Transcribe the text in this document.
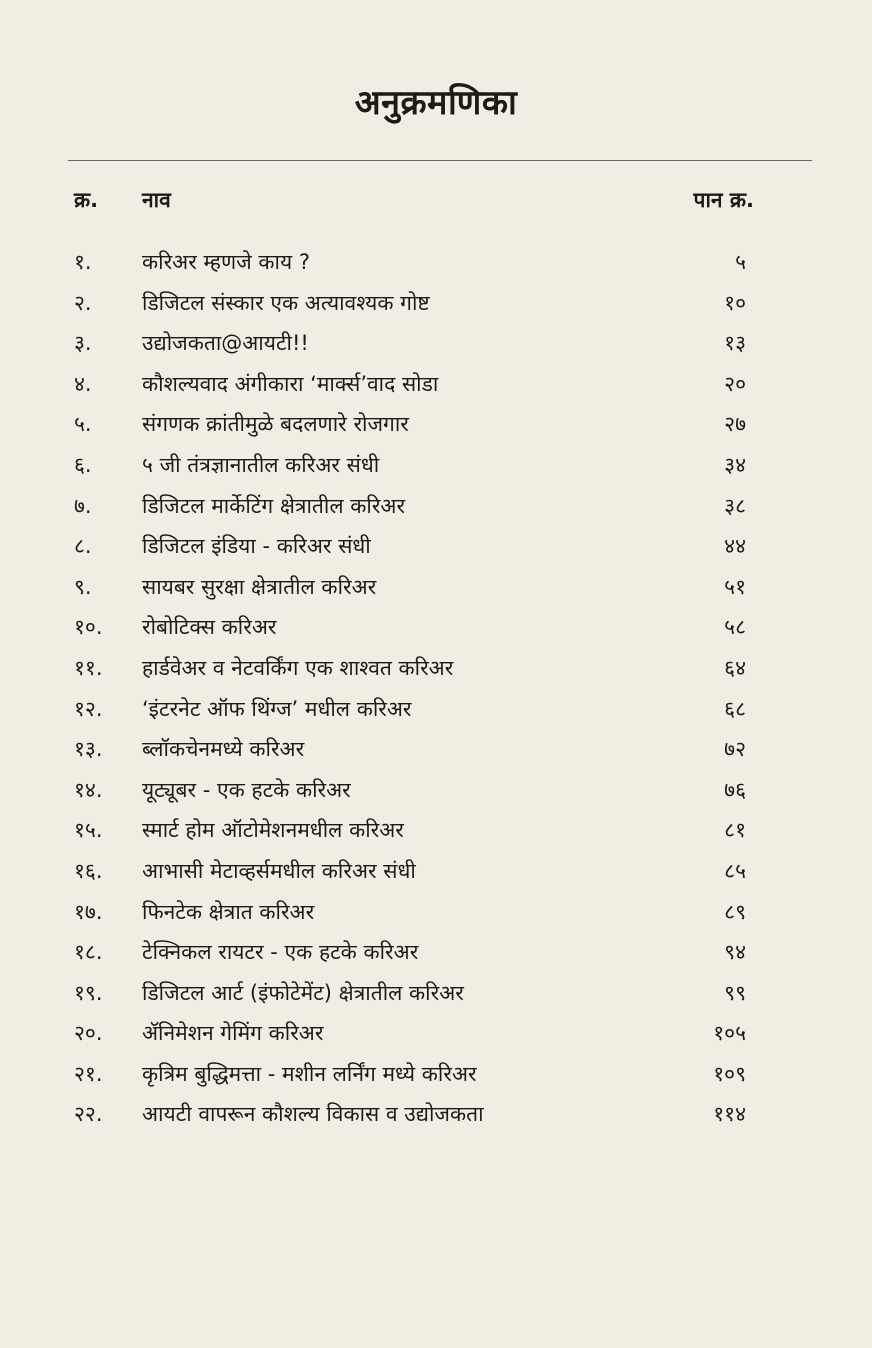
अनुक्रमणिका
क्र. नाव	पान क्र.
१. करिअर म्हणजे काय ?	५
२. डिजिटल संस्कार एक अत्यावश्यक गोष्ट	१०
३. उद्योजकता@आयटी!!	१३
४. कौशल्यवाद अंगीकारा ‘मार्क्स’वाद सोडा	२०
५. संगणक क्रांतीमुळे बदलणारे रोजगार	२७
६. ५ जी तंत्रज्ञानातील करिअर संधी	३४
७. डिजिटल मार्केटिंग क्षेत्रातील करिअर	३८
८. डिजिटल इंडिया - करिअर संधी	४४
९. सायबर सुरक्षा क्षेत्रातील करिअर	५१
१०. रोबोटिक्स करिअर	५८
११. हार्डवेअर व नेटवर्किंग एक शाश्वत करिअर	६४
१२. ‘इंटरनेट ऑफ थिंग्ज’ मधील करिअर	६८
१३. ब्लॉकचेनमध्ये करिअर	७२
१४. यूट्यूबर - एक हटके करिअर	७६
१५. स्मार्ट होम ऑटोमेशनमधील करिअर	८१
१६. आभासी मेटाव्हर्समधील करिअर संधी	८५
१७. फिनटेक क्षेत्रात करिअर	८९
१८. टेक्निकल रायटर - एक हटके करिअर	९४
१९. डिजिटल आर्ट (इंफोटेमेंट) क्षेत्रातील करिअर	९९
२०. ॲनिमेशन गेमिंग करिअर	१०५
२१. कृत्रिम बुद्धिमत्ता - मशीन लर्निंग मध्ये करिअर	१०९
२२. आयटी वापरून कौशल्य विकास व उद्योजकता	११४
